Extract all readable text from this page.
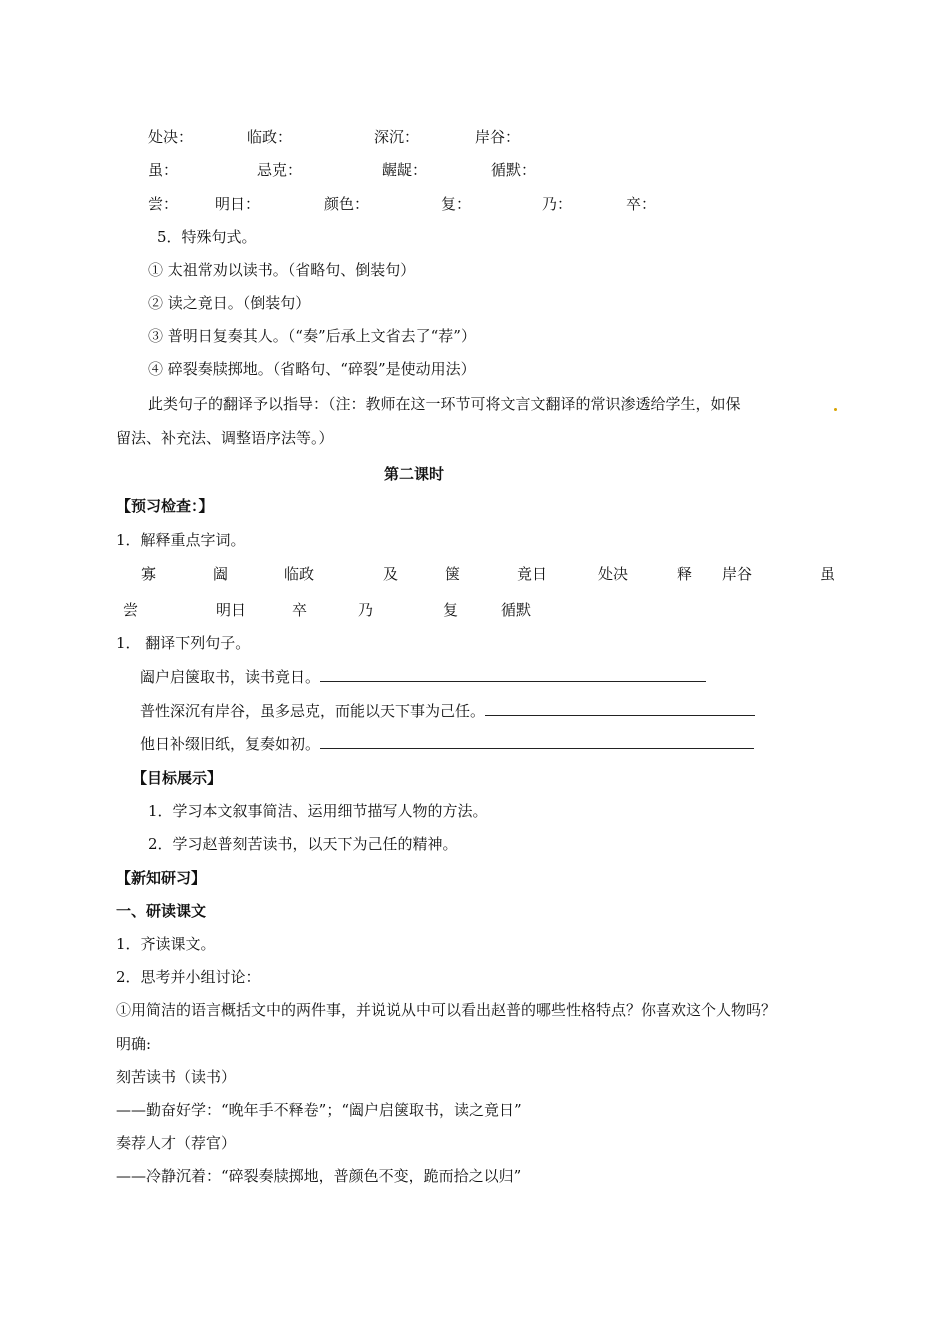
处决：	临政：	深沉：	岸谷：
虽：	忌克：	龌龊：	循默：
尝： 明日：	颜色：	复：	乃：	卒：
5．特殊句式。
① 太祖常劝以读书。（省略句、倒装句）
② 读之竟日。（倒装句）
③ 普明日复奏其人。（“奏”后承上文省去了“荐”）
④ 碎裂奏牍掷地。（省略句、“碎裂”是使动用法）
此类句子的翻译予以指导：（注：教师在这一环节可将文言文翻译的常识渗透给学生，如保
留法、补充法、调整语序法等。）
第二课时
【预习检查：】
1．解释重点字词。
寡	阖	临政	及	箧	竟日	处决	释 岸谷	虽
尝	明日	卒	乃	复	循默
1． 翻译下列句子。
阖户启箧取书，读书竟日。
普性深沉有岸谷，虽多忌克，而能以天下事为己任。
他日补缀旧纸，复奏如初。
【目标展示】
1．学习本文叙事简洁、运用细节描写人物的方法。
2．学习赵普刻苦读书，以天下为己任的精神。
【新知研习】
一、研读课文
1．齐读课文。
2．思考并小组讨论：
①用简洁的语言概括文中的两件事，并说说从中可以看出赵普的哪些性格特点？你喜欢这个人物吗？
明确:
刻苦读书（读书）
——勤奋好学：“晚年手不释卷”；“阖户启箧取书，读之竟日”
奏荐人才（荐官）
——冷静沉着：“碎裂奏牍掷地，普颜色不变，跪而拾之以归”
